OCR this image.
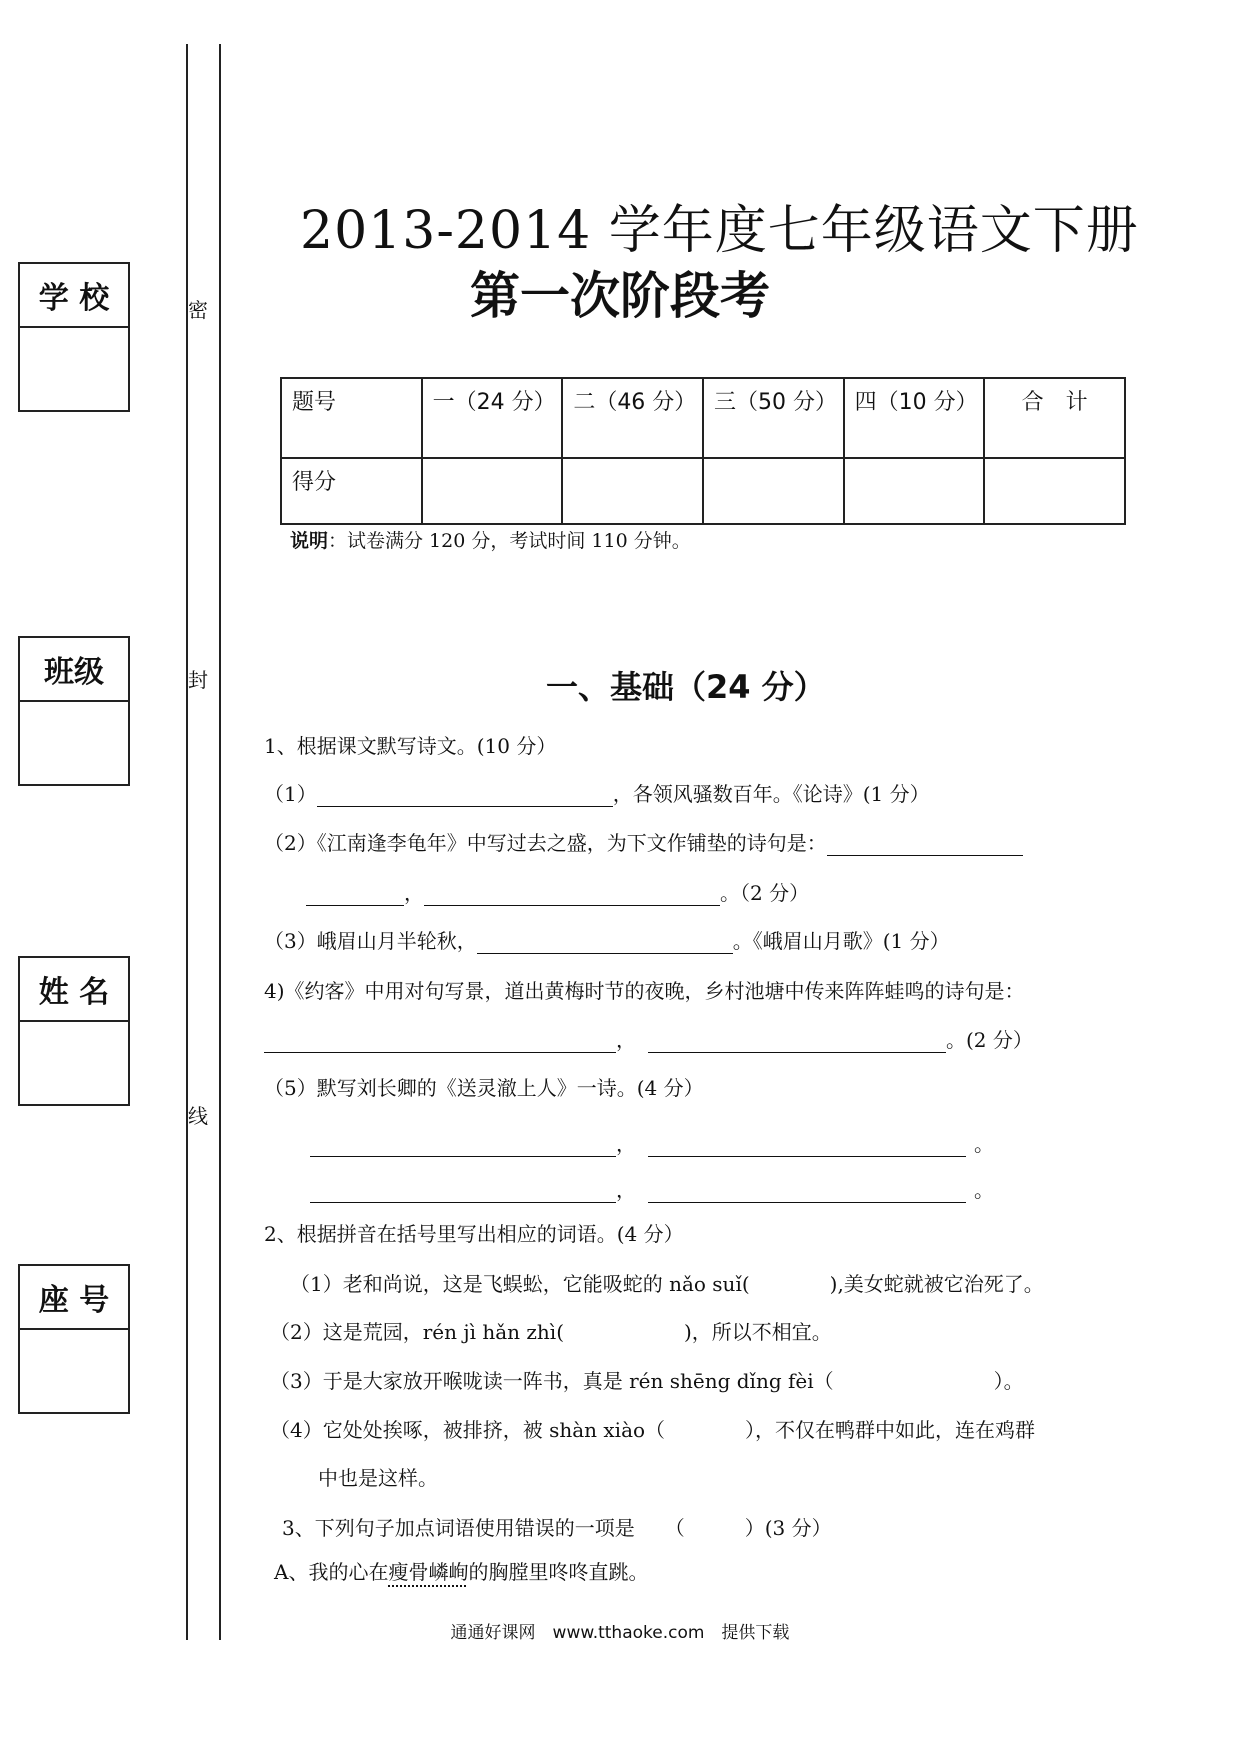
学 校
班级
姓 名
座 号
密
封
线
2013-2014 学年度七年级语文下册
第一次阶段考
题号	一（24 分）	二（46 分）	三（50 分）	四（10 分）	合　计
得分					
说明：试卷满分 120 分，考试时间 110 分钟。
一、基础（24 分）
1、根据课文默写诗文。(10 分）
（1）	，各领风骚数百年。《论诗》(1 分）
（2）《江南逢李龟年》中写过去之盛，为下文作铺垫的诗句是：
，	。（2 分）
（3）峨眉山月半轮秋，	。《峨眉山月歌》(1 分）
4)《约客》中用对句写景，道出黄梅时节的夜晚，乡村池塘中传来阵阵蛙鸣的诗句是：
，	。(2 分）
（5）默写刘长卿的《送灵澈上人》一诗。(4 分）
，	。
，	。
2、根据拼音在括号里写出相应的词语。(4 分）
（1）老和尚说，这是飞蜈蚣，它能吸蛇的 nǎo suǐ(　　　　),美女蛇就被它治死了。
（2）这是荒园，rén jì hǎn zhì(　　　　　　)，所以不相宜。
（3）于是大家放开喉咙读一阵书，真是 rén shēng dǐng fèi（　　　　　　　　）。
（4）它处处挨啄，被排挤，被 shàn xiào（　　　　），不仅在鸭群中如此，连在鸡群
中也是这样。
3、下列句子加点词语使用错误的一项是　　（　　　）(3 分）
A、我的心在瘦骨嶙峋的胸膛里咚咚直跳。
通通好课网　www.tthaoke.com　提供下载
